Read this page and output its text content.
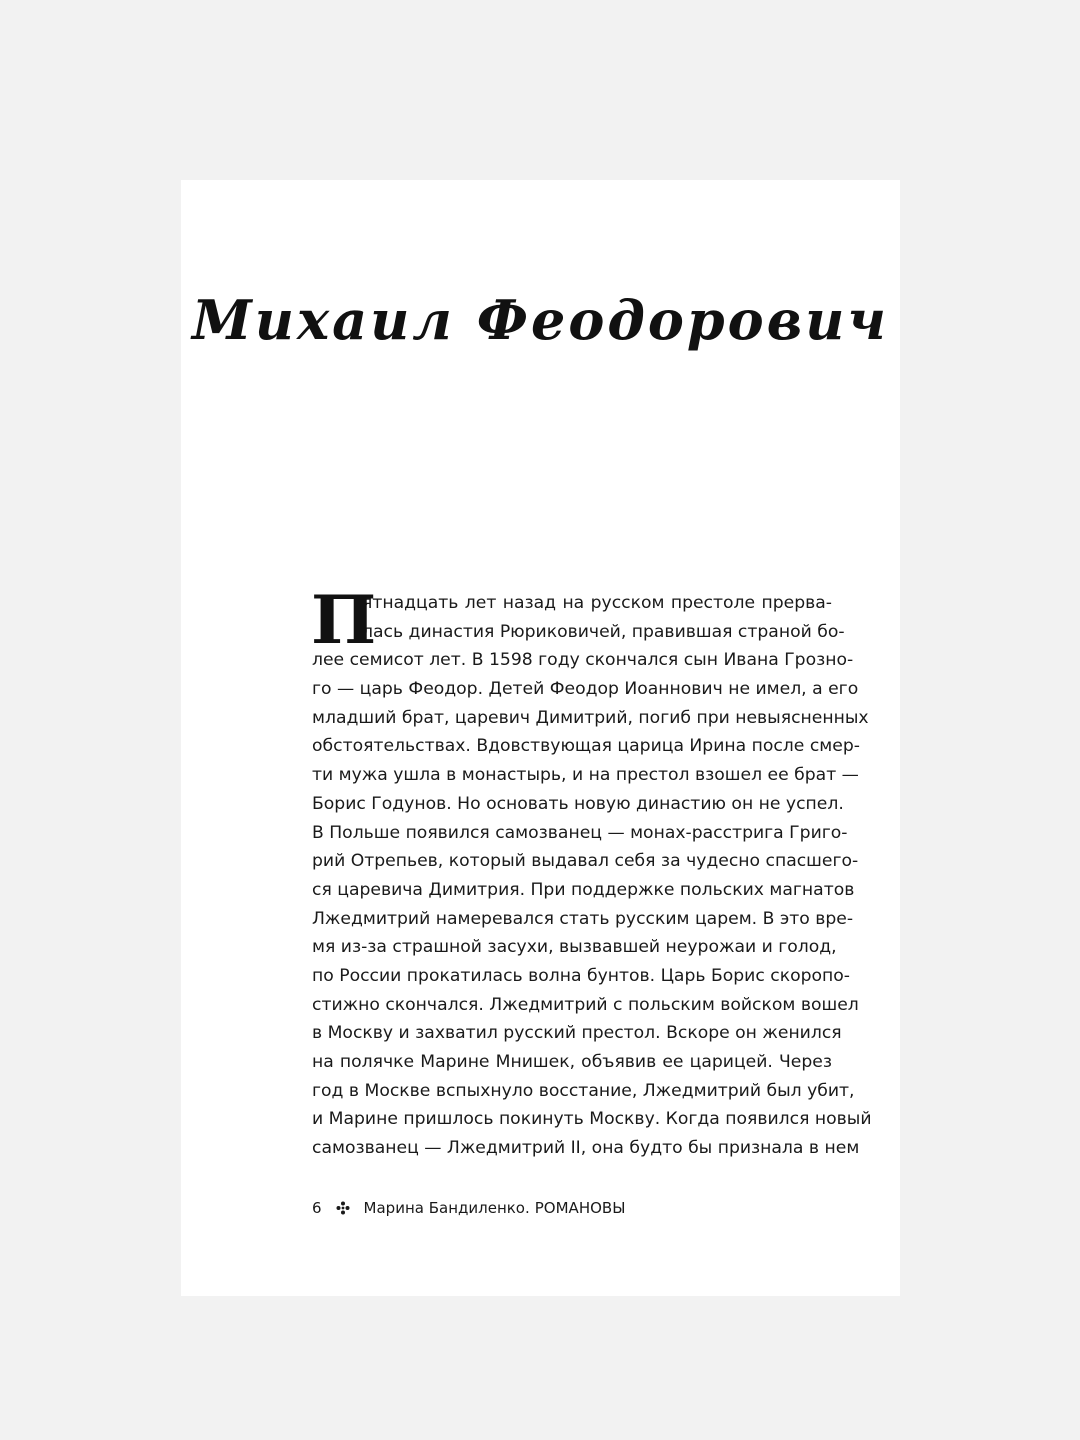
Михаил Феодорович
П
ятнадцать лет назад на русском престоле прерва-
лась династия Рюриковичей, правившая страной бо-
лее семисот лет. В 1598 году скончался сын Ивана Грозно-
го — царь Феодор. Детей Феодор Иоаннович не имел, а его
младший брат, царевич Димитрий, погиб при невыясненных
обстоятельствах. Вдовствующая царица Ирина после смер-
ти мужа ушла в монастырь, и на престол взошел ее брат —
Борис Годунов. Но основать новую династию он не успел.
В Польше появился самозванец — монах-расстрига Григо-
рий Отрепьев, который выдавал себя за чудесно спасшего-
ся царевича Димитрия. При поддержке польских магнатов
Лжедмитрий намеревался стать русским царем. В это вре-
мя из-за страшной засухи, вызвавшей неурожаи и голод,
по России прокатилась волна бунтов. Царь Борис скоропо-
стижно скончался. Лжедмитрий с польским войском вошел
в Москву и захватил русский престол. Вскоре он женился
на полячке Марине Мнишек, объявив ее царицей. Через
год в Москве вспыхнуло восстание, Лжедмитрий был убит,
и Марине пришлось покинуть Москву. Когда появился новый
самозванец — Лжедмитрий II, она будто бы признала в нем
6	Марина Бандиленко. РОМАНОВЫ
